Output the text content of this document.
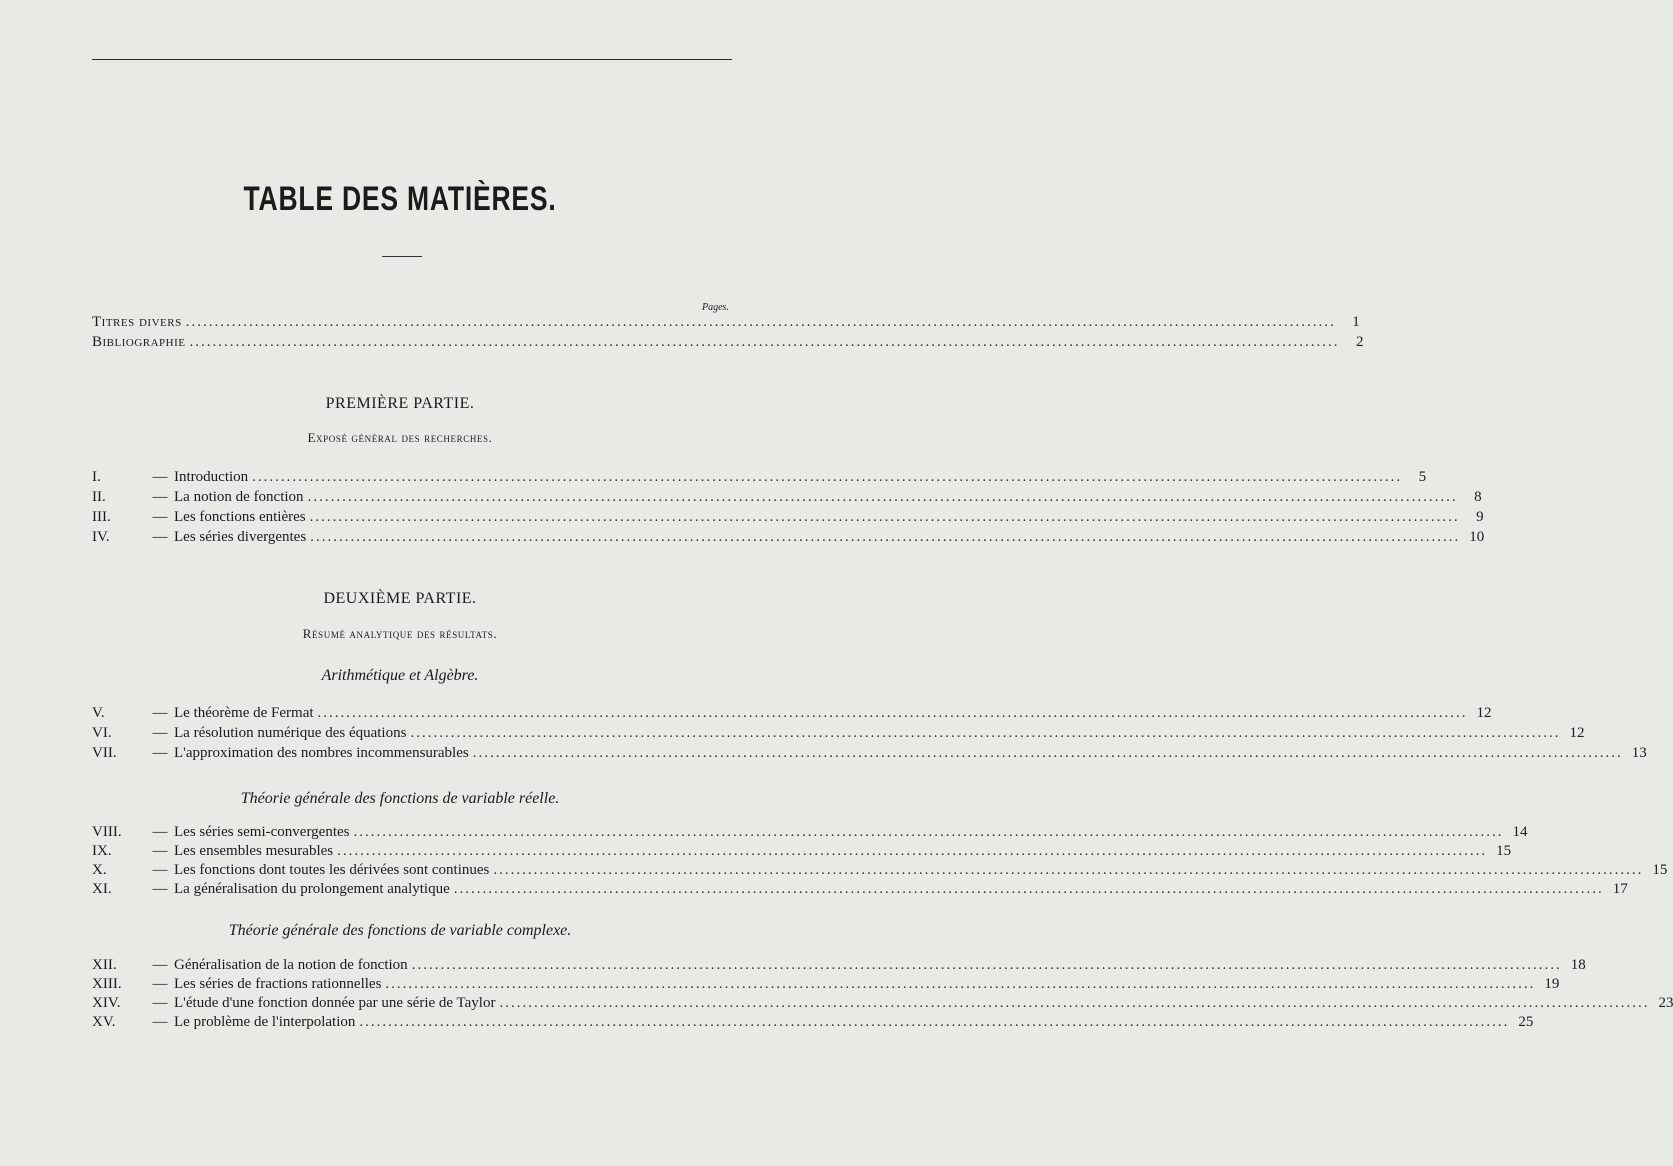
TABLE DES MATIÈRES.
Pages.
Titres divers ........................................................................................................................................................................................................	1
Bibliographie ........................................................................................................................................................................................................	2
PREMIÈRE PARTIE.
Exposé général des recherches.
I.	— Introduction ........................................................................................................................................................................................................	5
II.	— La notion de fonction ........................................................................................................................................................................................................	8
III.	— Les fonctions entières ........................................................................................................................................................................................................	9
IV.	— Les séries divergentes ........................................................................................................................................................................................................ 10
DEUXIÈME PARTIE.
Résumé analytique des résultats.
Arithmétique et Algèbre.
V.	— Le théorème de Fermat ........................................................................................................................................................................................................ 12
VI.	— La résolution numérique des équations ........................................................................................................................................................................................................ 12
VII.	— L'approximation des nombres incommensurables ........................................................................................................................................................................................................ 13
Théorie générale des fonctions de variable réelle.
VIII.	— Les séries semi-convergentes ........................................................................................................................................................................................................ 14
IX.	— Les ensembles mesurables ........................................................................................................................................................................................................ 15
X.	— Les fonctions dont toutes les dérivées sont continues ........................................................................................................................................................................................................ 15
XI.	— La généralisation du prolongement analytique ........................................................................................................................................................................................................ 17
Théorie générale des fonctions de variable complexe.
XII.	— Généralisation de la notion de fonction ........................................................................................................................................................................................................ 18
XIII.	— Les séries de fractions rationnelles ........................................................................................................................................................................................................ 19
XIV.	— L'étude d'une fonction donnée par une série de Taylor ........................................................................................................................................................................................................ 23
XV.	— Le problème de l'interpolation ........................................................................................................................................................................................................ 25
